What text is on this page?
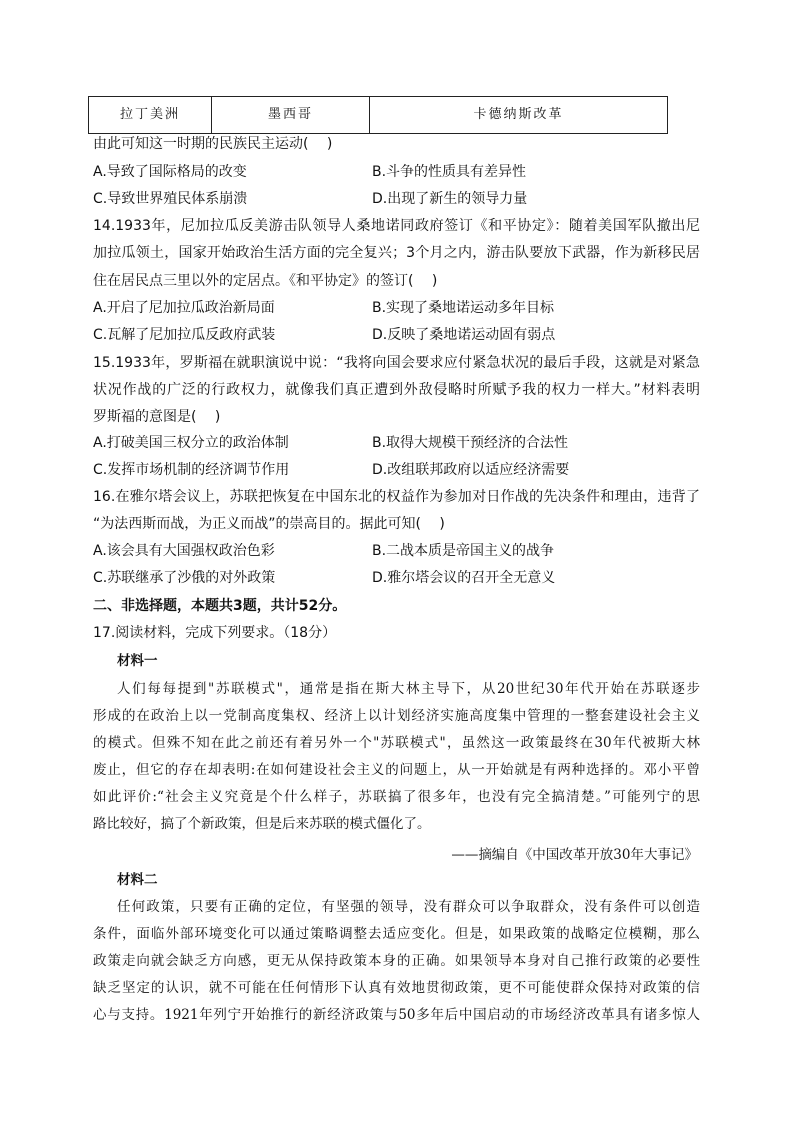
拉丁美洲	墨西哥	卡德纳斯改革
由此可知这一时期的民族民主运动(　 )
A.导致了国际格局的改变	B.斗争的性质具有差异性
C.导致世界殖民体系崩溃	D.出现了新生的领导力量
14.1933年，尼加拉瓜反美游击队领导人桑地诺同政府签订《和平协定》：随着美国军队撤出尼
加拉瓜领土，国家开始政治生活方面的完全复兴；3个月之内，游击队要放下武器，作为新移民居
住在居民点三里以外的定居点。《和平协定》的签订(　 )
A.开启了尼加拉瓜政治新局面	B.实现了桑地诺运动多年目标
C.瓦解了尼加拉瓜反政府武装	D.反映了桑地诺运动固有弱点
15.1933年，罗斯福在就职演说中说：“我将向国会要求应付紧急状况的最后手段，这就是对紧急
状况作战的广泛的行政权力，就像我们真正遭到外敌侵略时所赋予我的权力一样大。”材料表明
罗斯福的意图是(　 )
A.打破美国三权分立的政治体制	B.取得大规模干预经济的合法性
C.发挥市场机制的经济调节作用	D.改组联邦政府以适应经济需要
16.在雅尔塔会议上，苏联把恢复在中国东北的权益作为参加对日作战的先决条件和理由，违背了
“为法西斯而战，为正义而战”的崇高目的。据此可知(　 )
A.该会具有大国强权政治色彩	B.二战本质是帝国主义的战争
C.苏联继承了沙俄的对外政策	D.雅尔塔会议的召开全无意义
二、非选择题，本题共3题，共计52分。
17.阅读材料，完成下列要求。（18分）
材料一
人们每每提到"苏联模式"，通常是指在斯大林主导下，从20世纪30年代开始在苏联逐步
形成的在政治上以一党制高度集权、经济上以计划经济实施高度集中管理的一整套建设社会主义
的模式。但殊不知在此之前还有着另外一个"苏联模式"，虽然这一政策最终在30年代被斯大林
废止，但它的存在却表明:在如何建设社会主义的问题上，从一开始就是有两种选择的。邓小平曾
如此评价:“社会主义究竟是个什么样子，苏联搞了很多年，也没有完全搞清楚。”可能列宁的思
路比较好，搞了个新政策，但是后来苏联的模式僵化了。
——摘编自《中国改革开放30年大事记》
材料二
任何政策，只要有正确的定位，有坚强的领导，没有群众可以争取群众，没有条件可以创造
条件，面临外部环境变化可以通过策略调整去适应变化。但是，如果政策的战略定位模糊，那么
政策走向就会缺乏方向感，更无从保持政策本身的正确。如果领导本身对自己推行政策的必要性
缺乏坚定的认识，就不可能在任何情形下认真有效地贯彻政策，更不可能使群众保持对政策的信
心与支持。1921年列宁开始推行的新经济政策与50多年后中国启动的市场经济改革具有诸多惊人
